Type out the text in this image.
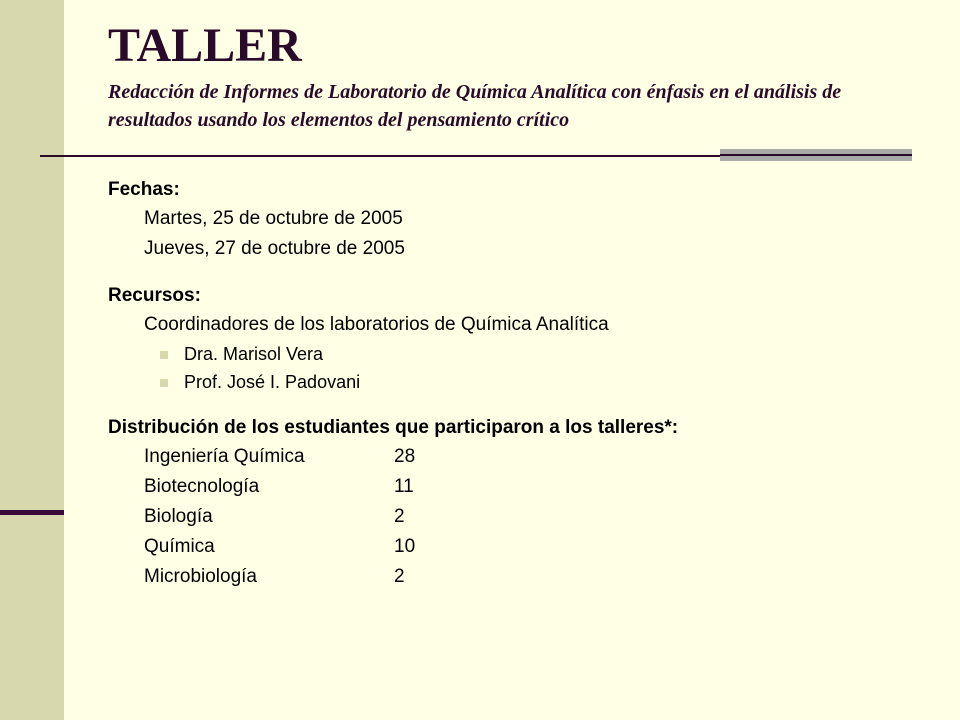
TALLER

Redacción de Informes de Laboratorio de Química Analítica con énfasis en el análisis de resultados usando los elementos del pensamiento crítico

Fechas:
Martes, 25 de octubre de 2005
Jueves, 27 de octubre de 2005
Recursos:
Coordinadores de los laboratorios de Química Analítica
Dra. Marisol Vera
Prof. José I. Padovani
Distribución de los estudiantes que participaron a los talleres*:
Ingeniería Química	28
Biotecnología	11
Biología	2
Química	10
Microbiología	2
